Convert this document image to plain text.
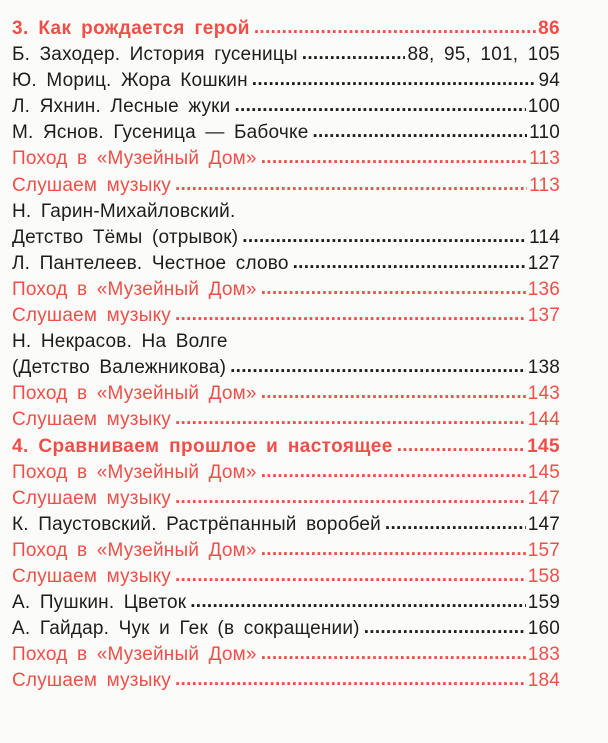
3. Как рождается герой . . .	86
Б. Заходер. История гусеницы . . .	88, 95, 101, 105
Ю. Мориц. Жора Кошкин . . .	94
Л. Яхнин. Лесные жуки . . .	100
М. Яснов. Гусеница — Бабочке . . .	110
Поход в «Музейный Дом» . . .	113
Слушаем музыку . . .	113
Н. Гарин-Михайловский.
Детство Тёмы (отрывок) . . .	114
Л. Пантелеев. Честное слово . . .	127
Поход в «Музейный Дом» . . .	136
Слушаем музыку . . .	137
Н. Некрасов. На Волге
(Детство Валежникова) . . .	138
Поход в «Музейный Дом» . . .	143
Слушаем музыку . . .	144
4. Сравниваем прошлое и настоящее . . .	145
Поход в «Музейный Дом» . . .	145
Слушаем музыку . . .	147
К. Паустовский. Растрёпанный воробей . . .	147
Поход в «Музейный Дом» . . .	157
Слушаем музыку . . .	158
А. Пушкин. Цветок . . .	159
А. Гайдар. Чук и Гек (в сокращении) . . .	160
Поход в «Музейный Дом» . . .	183
Слушаем музыку . . .	184
